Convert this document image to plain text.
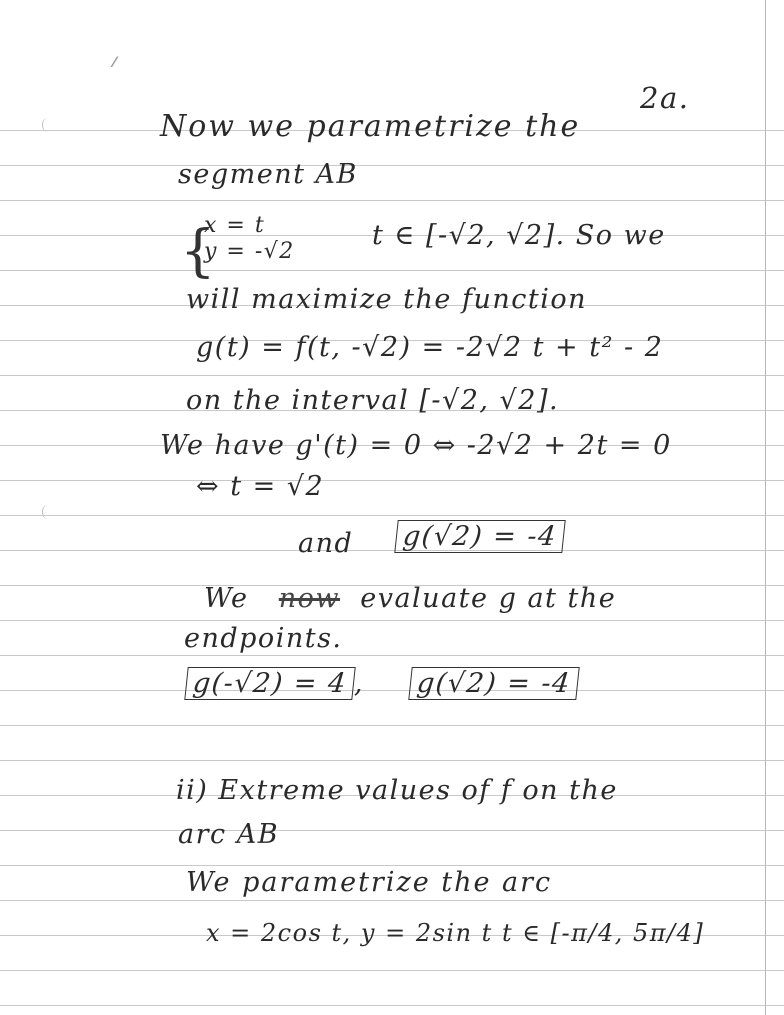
⁄⁄⁄
2a.
Now we parametrize the
segment AB
{
x = t
y = -√2
t ∈ [-√2, √2]. So we
will maximize the function
g(t) = f(t, -√2) = -2√2 t + t² - 2
on the interval [-√2, √2].
We have g'(t) = 0 ⇔ -2√2 + 2t = 0
⇔ t = √2
and g(√2) = -4
We now evaluate g at the
endpoints.
g(-√2) = 4 , g(√2) = -4
ii) Extreme values of f on the
arc AB
We parametrize the arc
x = 2cos t, y = 2sin t t ∈ [-π/4, 5π/4]
